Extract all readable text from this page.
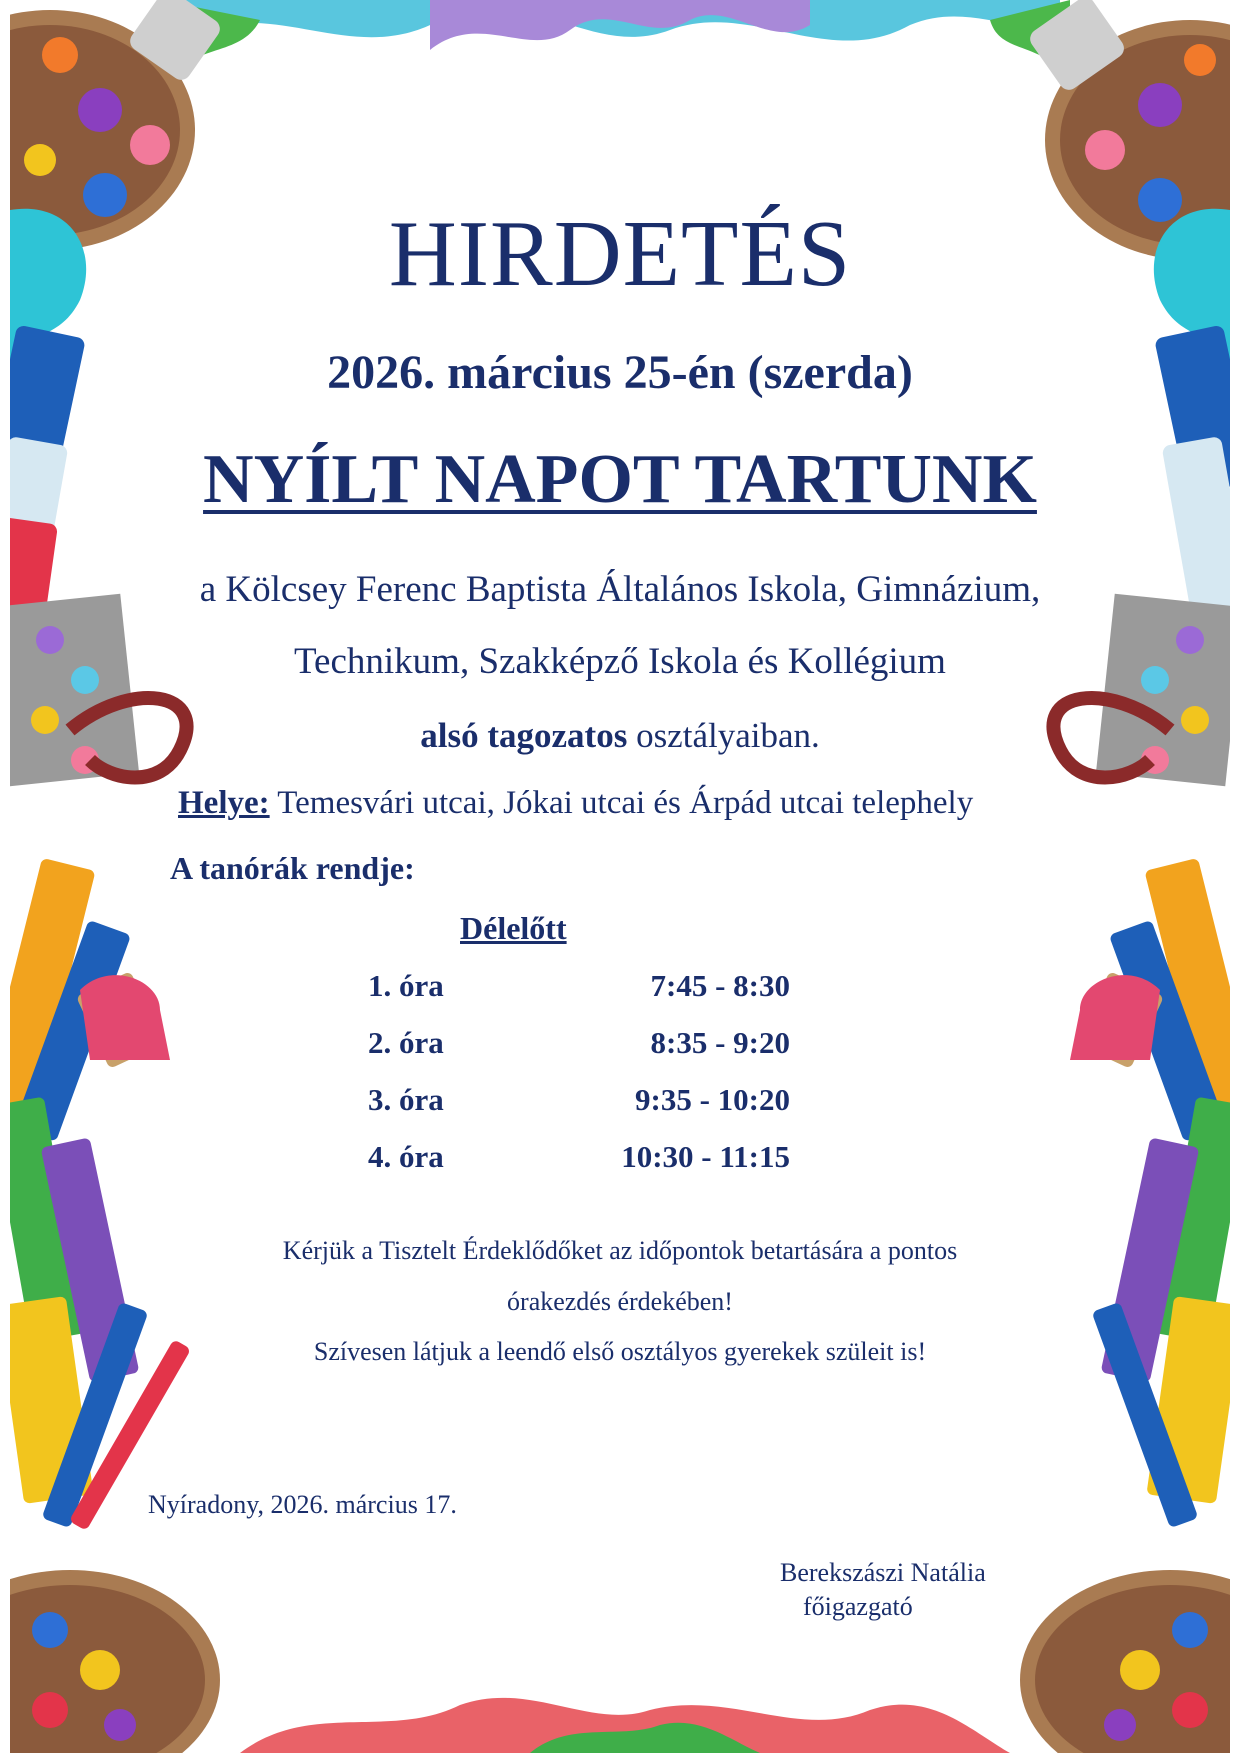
HIRDETÉS
2026. március 25-én (szerda)
NYÍLT NAPOT TARTUNK
a Kölcsey Ferenc Baptista Általános Iskola, Gimnázium,
Technikum, Szakképző Iskola és Kollégium
alsó tagozatos osztályaiban.
Helye: Temesvári utcai, Jókai utcai és Árpád utcai telephely
A tanórák rendje:
Délelőtt
1. óra	7:45 - 8:30
2. óra	8:35 - 9:20
3. óra	9:35 - 10:20
4. óra	10:30 - 11:15
Kérjük a Tisztelt Érdeklődőket az időpontok betartására a pontos
órakezdés érdekében!
Szívesen látjuk a leendő első osztályos gyerekek szüleit is!
Nyíradony, 2026. március 17.
Berekszászi Natália
főigazgató
